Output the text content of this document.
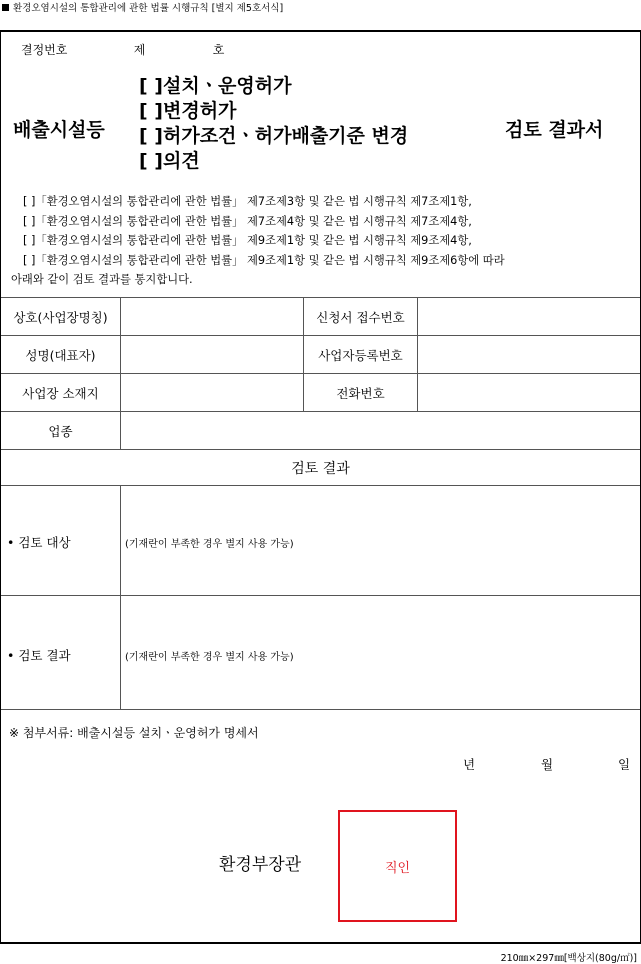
환경오염시설의 통합관리에 관한 법률 시행규칙 [별지 제5호서식]
결정번호	제	호
배출시설등
[ ]설치ㆍ운영허가
[ ]변경허가
[ ]허가조건ㆍ허가배출기준 변경
[ ]의견
검토 결과서
[ ]「환경오염시설의 통합관리에 관한 법률」 제7조제3항 및 같은 법 시행규칙 제7조제1항,
[ ]「환경오염시설의 통합관리에 관한 법률」 제7조제4항 및 같은 법 시행규칙 제7조제4항,
[ ]「환경오염시설의 통합관리에 관한 법률」 제9조제1항 및 같은 법 시행규칙 제9조제4항,
[ ]「환경오염시설의 통합관리에 관한 법률」 제9조제1항 및 같은 법 시행규칙 제9조제6항에 따라
아래와 같이 검토 결과를 통지합니다.
상호(사업장명칭)	신청서 접수번호
성명(대표자)	사업자등록번호
사업장 소재지	전화번호
업종
검토 결과
• 검토 대상	(기재란이 부족한 경우 별지 사용 가능)
• 검토 결과	(기재란이 부족한 경우 별지 사용 가능)
※ 첨부서류: 배출시설등 설치ㆍ운영허가 명세서
년	월	일
환경부장관	직인
210㎜×297㎜[백상지(80g/㎡)]
